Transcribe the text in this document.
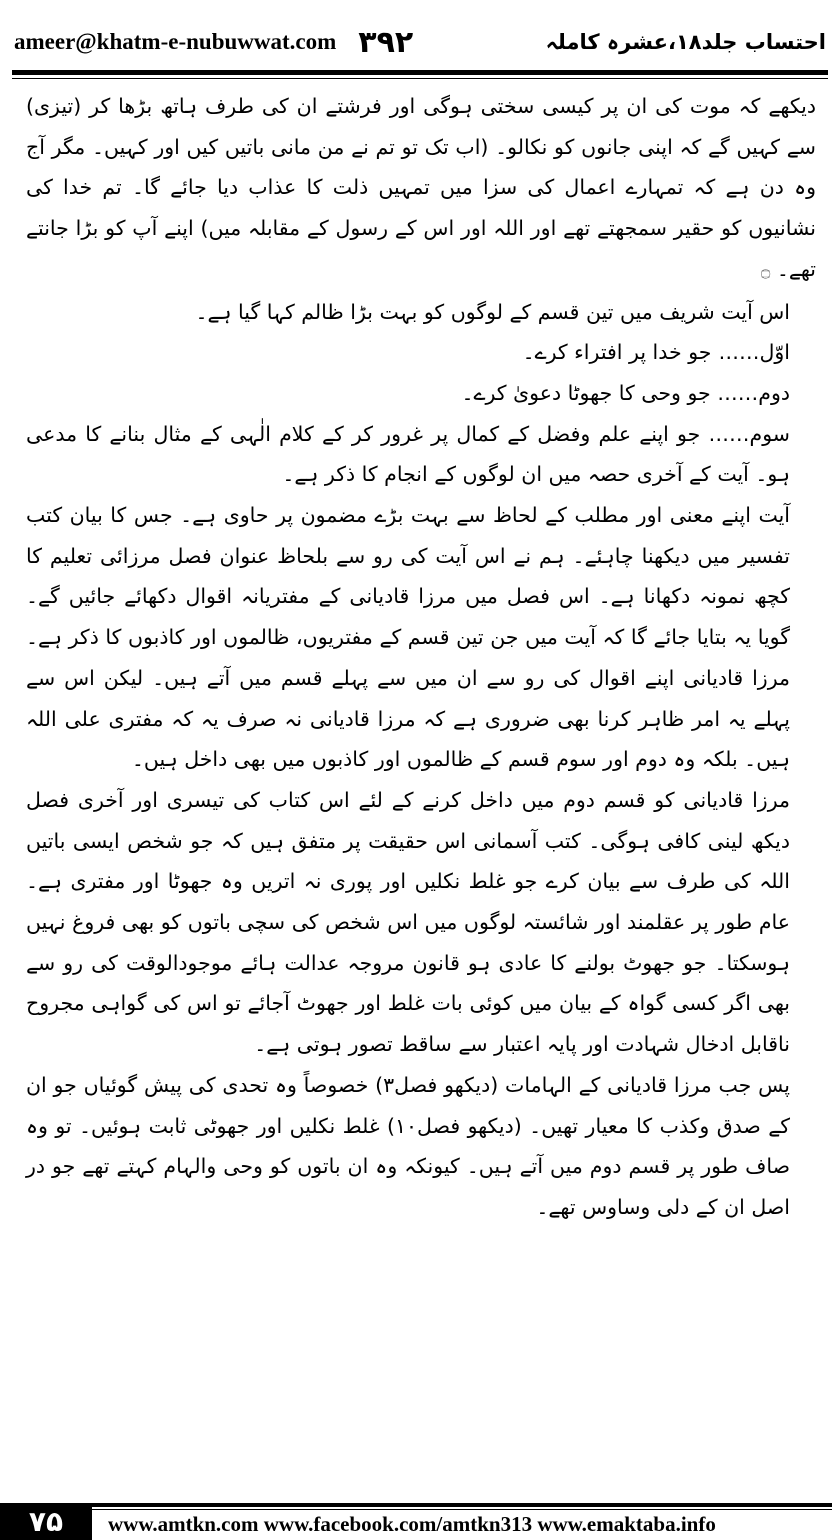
ameer@khatm-e-nubuwwat.com ۳۹۲	احتساب جلد۱۸،عشرہ کاملہ

دیکھے کہ موت کی ان پر کیسی سختی ہوگی اور فرشتے ان کی طرف ہاتھ بڑھا کر (تیزی) سے کہیں گے کہ اپنی جانوں کو نکالو۔ (اب تک تو تم نے من مانی باتیں کیں اور کہیں۔ مگر آج وہ دن ہے کہ تمہارے اعمال کی سزا میں تمہیں ذلت کا عذاب دیا جائے گا۔ تم خدا کی نشانیوں کو حقیر سمجھتے تھے اور اللہ اور اس کے رسول کے مقابلہ میں) اپنے آپ کو بڑا جانتے تھے۔ ۝

اس آیت شریف میں تین قسم کے لوگوں کو بہت بڑا ظالم کہا گیا ہے۔

اوّل…… جو خدا پر افتراء کرے۔

دوم…… جو وحی کا جھوٹا دعویٰ کرے۔

سوم…… جو اپنے علم وفضل کے کمال پر غرور کر کے کلام الٰہی کے مثال بنانے کا مدعی ہو۔ آیت کے آخری حصہ میں ان لوگوں کے انجام کا ذکر ہے۔

آیت اپنے معنی اور مطلب کے لحاظ سے بہت بڑے مضمون پر حاوی ہے۔ جس کا بیان کتب تفسیر میں دیکھنا چاہئے۔ ہم نے اس آیت کی رو سے بلحاظ عنوان فصل مرزائی تعلیم کا کچھ نمونہ دکھانا ہے۔ اس فصل میں مرزا قادیانی کے مفتریانہ اقوال دکھائے جائیں گے۔ گویا یہ بتایا جائے گا کہ آیت میں جن تین قسم کے مفتریوں، ظالموں اور کاذبوں کا ذکر ہے۔ مرزا قادیانی اپنے اقوال کی رو سے ان میں سے پہلے قسم میں آتے ہیں۔ لیکن اس سے پہلے یہ امر ظاہر کرنا بھی ضروری ہے کہ مرزا قادیانی نہ صرف یہ کہ مفتری علی اللہ ہیں۔ بلکہ وہ دوم اور سوم قسم کے ظالموں اور کاذبوں میں بھی داخل ہیں۔

مرزا قادیانی کو قسم دوم میں داخل کرنے کے لئے اس کتاب کی تیسری اور آخری فصل دیکھ لینی کافی ہوگی۔ کتب آسمانی اس حقیقت پر متفق ہیں کہ جو شخص ایسی باتیں اللہ کی طرف سے بیان کرے جو غلط نکلیں اور پوری نہ اتریں وہ جھوٹا اور مفتری ہے۔ عام طور پر عقلمند اور شائستہ لوگوں میں اس شخص کی سچی باتوں کو بھی فروغ نہیں ہوسکتا۔ جو جھوٹ بولنے کا عادی ہو قانون مروجہ عدالت ہائے موجودالوقت کی رو سے بھی اگر کسی گواہ کے بیان میں کوئی بات غلط اور جھوٹ آجائے تو اس کی گواہی مجروح ناقابل ادخال شہادت اور پایہ اعتبار سے ساقط تصور ہوتی ہے۔

پس جب مرزا قادیانی کے الہامات (دیکھو فصل۳) خصوصاً وہ تحدی کی پیش گوئیاں جو ان کے صدق وکذب کا معیار تھیں۔ (دیکھو فصل۱۰) غلط نکلیں اور جھوٹی ثابت ہوئیں۔ تو وہ صاف طور پر قسم دوم میں آتے ہیں۔ کیونکہ وہ ان باتوں کو وحی والہام کہتے تھے جو در اصل ان کے دلی وساوس تھے۔

۷۵	www.amtkn.com www.facebook.com/amtkn313 www.emaktaba.info
